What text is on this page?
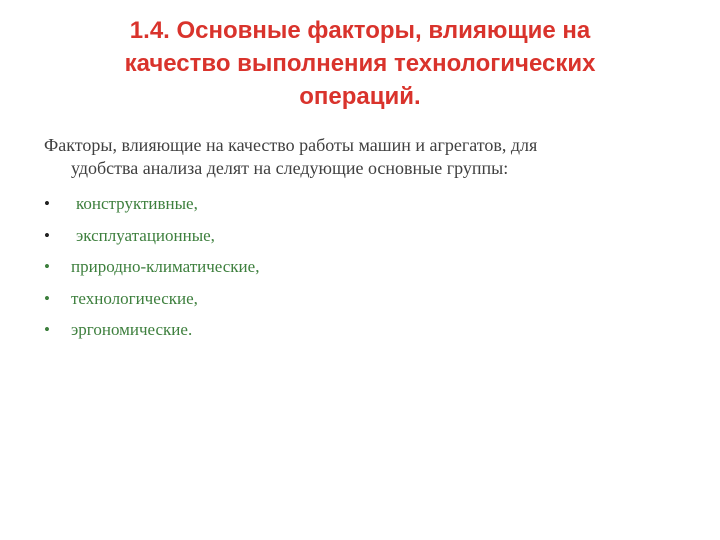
1.4. Основные факторы, влияющие на
качество выполнения технологических
операций.
Факторы, влияющие на качество работы машин и агрегатов, для
удобства анализа делят на следующие основные группы:
• конструктивные,
• эксплуатационные,
• природно-климатические,
• технологические,
• эргономические.
